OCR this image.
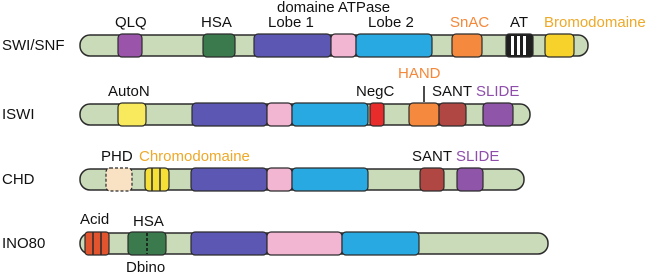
domaine ATPase
SWI/SNF
ISWI
CHD
INO80
QLQ	HSA Lobe 1	Lobe 2 SnAC AT Bromodomaine
AutoN	NegC
HAND
SANT SLIDE
PHD Chromodomaine	SANT SLIDE
Acid HSA
Dbino
